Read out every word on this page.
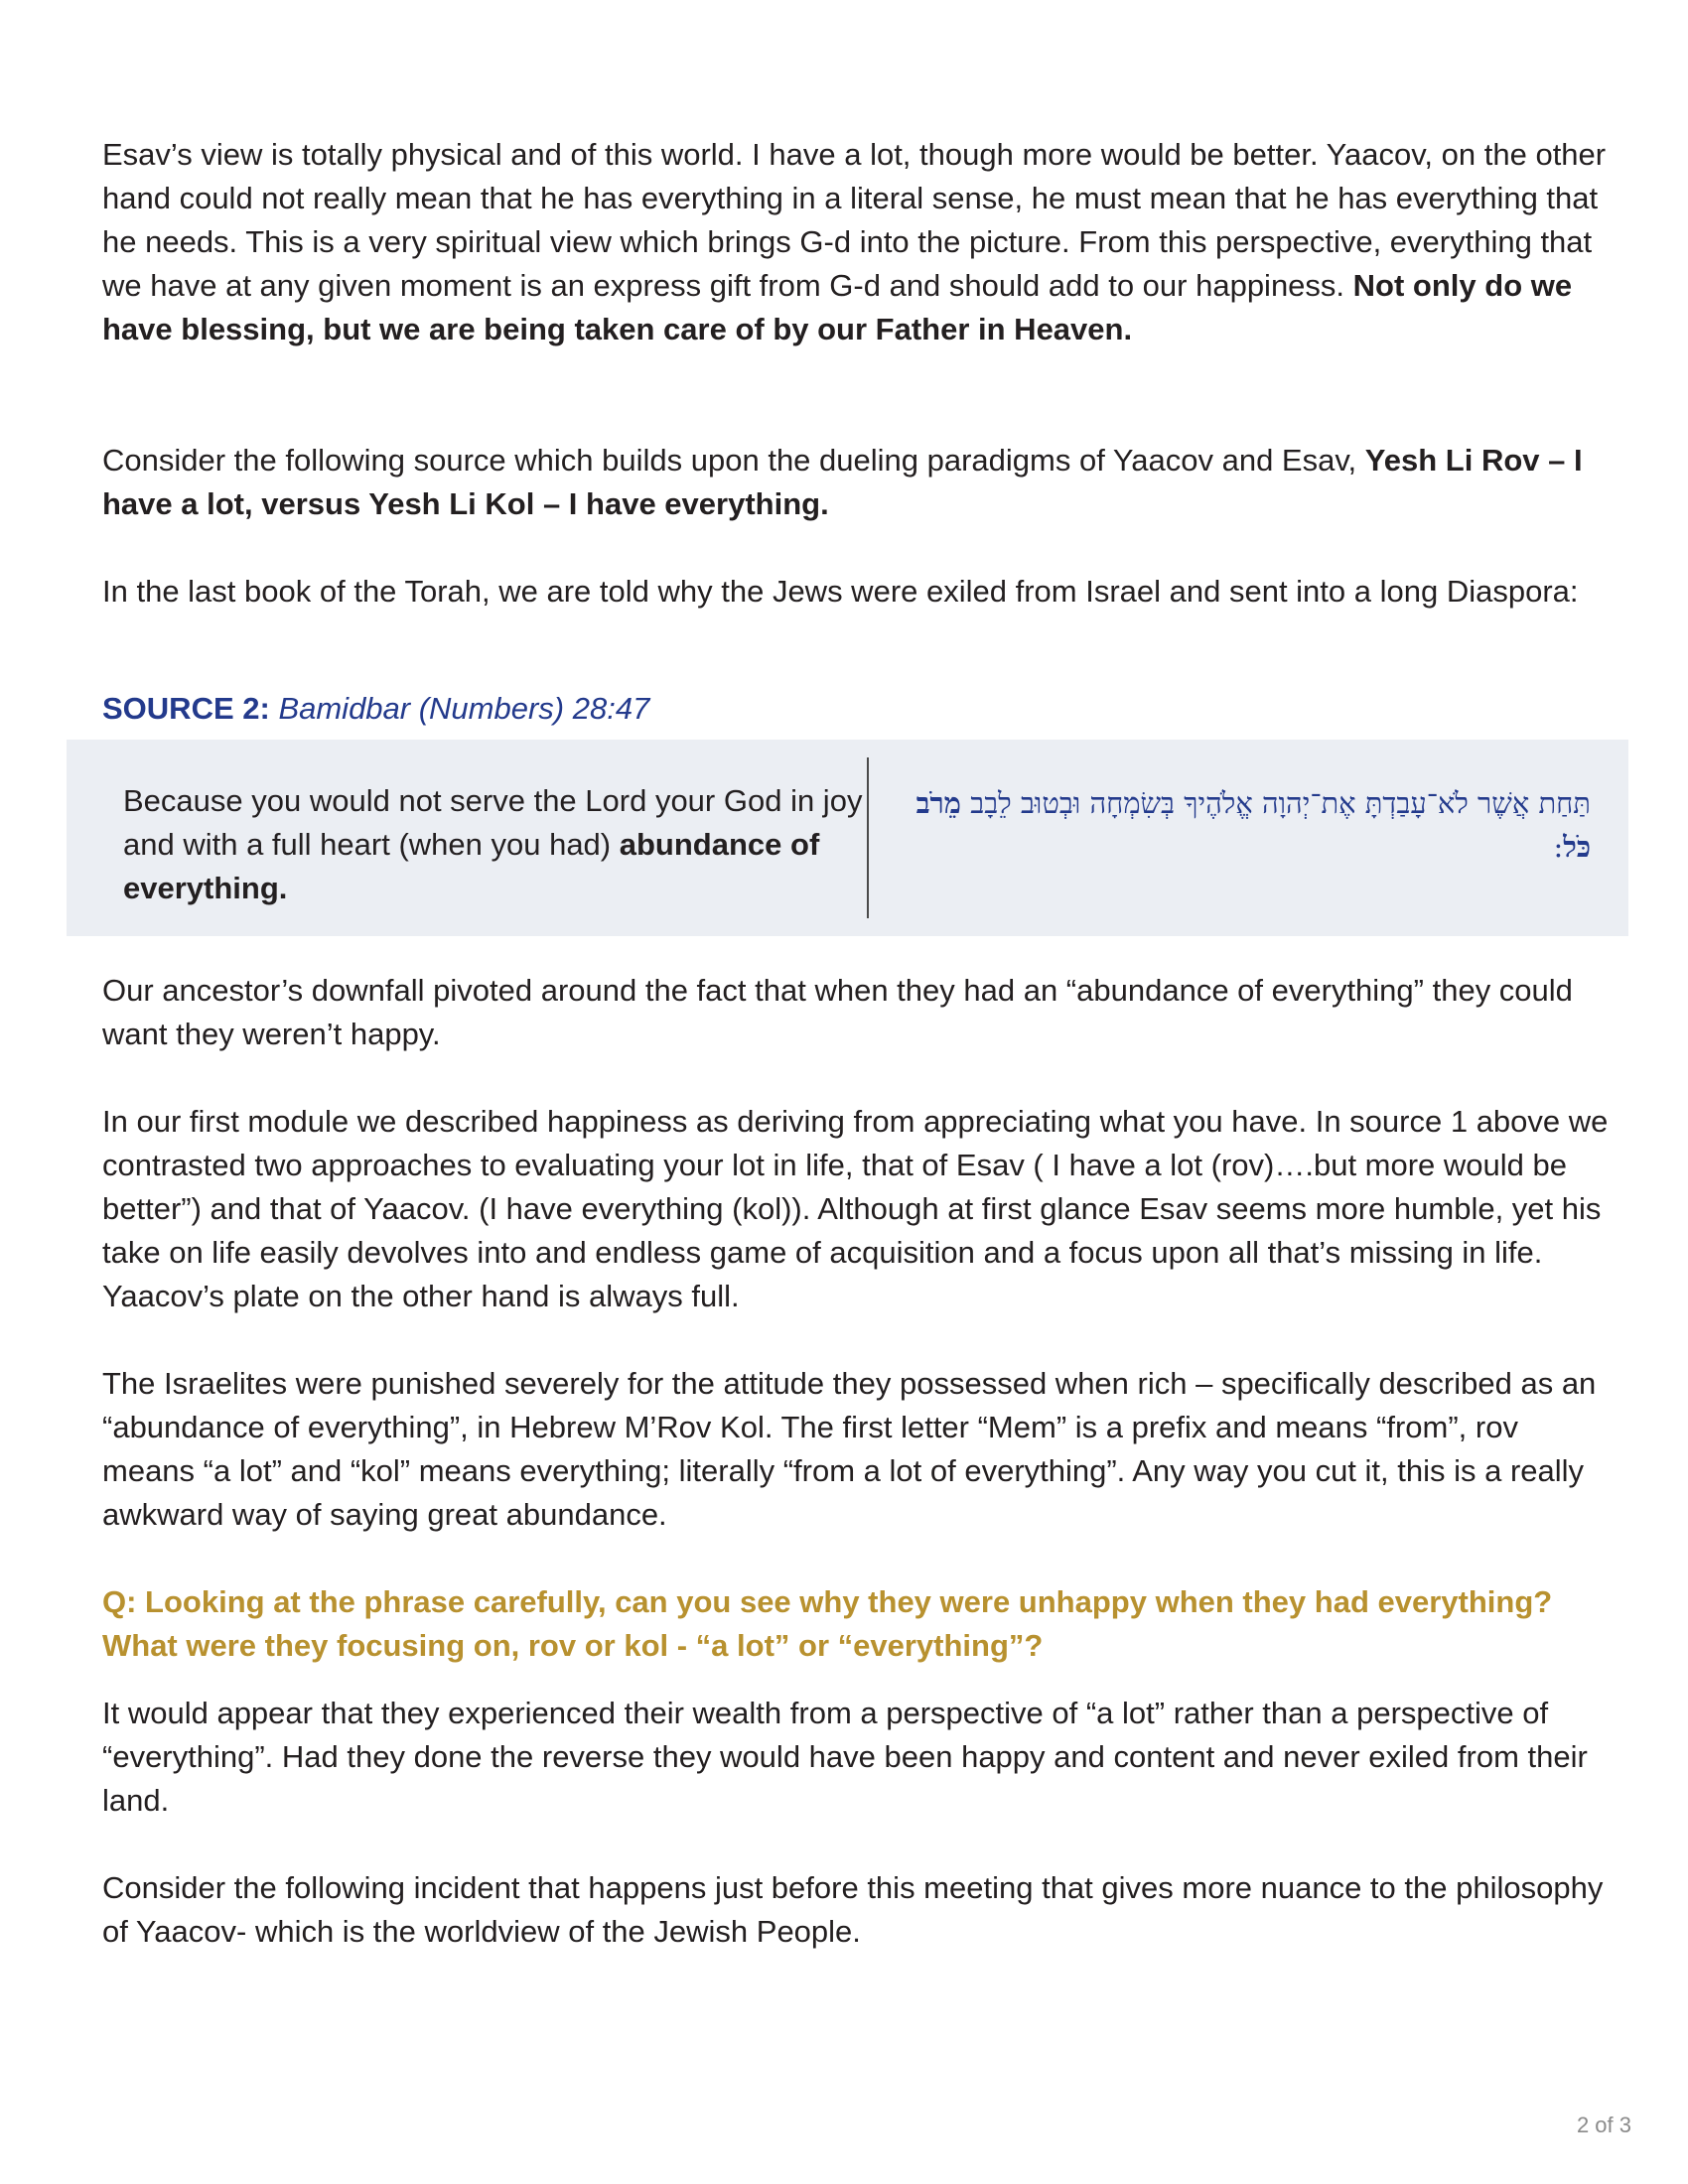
Esav’s view is totally physical and of this world. I have a lot, though more would be better. Yaacov, on the other hand could not really mean that he has everything in a literal sense, he must mean that he has everything that he needs. This is a very spiritual view which brings G-d into the picture. From this perspective, everything that we have at any given moment is an express gift from G-d and should add to our happiness. Not only do we have blessing, but we are being taken care of by our Father in Heaven.

Consider the following source which builds upon the dueling paradigms of Yaacov and Esav, Yesh Li Rov – I have a lot, versus Yesh Li Kol – I have everything.

In the last book of the Torah, we are told why the Jews were exiled from Israel and sent into a long Diaspora:

SOURCE 2: Bamidbar (Numbers) 28:47

Because you would not serve the Lord your God in joy and with a full heart (when you had) abundance of everything.

תַּחַת אֲשֶׁר לֹא־עָבַדְתָּ אֶת־יְהוָה אֱלֹהֶיךָ בְּשִׂמְחָה וּבְטוּב לֵבָב מֵרֹב כֹּל:

Our ancestor’s downfall pivoted around the fact that when they had an “abundance of everything” they could want they weren’t happy.

In our first module we described happiness as deriving from appreciating what you have. In source 1 above we contrasted two approaches to evaluating your lot in life, that of Esav ( I have a lot (rov)….but more would be better”) and that of Yaacov. (I have everything (kol)). Although at first glance Esav seems more humble, yet his take on life easily devolves into and endless game of acquisition and a focus upon all that’s missing in life. Yaacov’s plate on the other hand is always full.

The Israelites were punished severely for the attitude they possessed when rich – specifically described as an “abundance of everything”, in Hebrew M’Rov Kol. The first letter “Mem” is a prefix and means “from”, rov means “a lot” and “kol” means everything; literally “from a lot of everything”. Any way you cut it, this is a really awkward way of saying great abundance.

Q: Looking at the phrase carefully, can you see why they were unhappy when they had everything? What were they focusing on, rov or kol - “a lot” or “everything”?

It would appear that they experienced their wealth from a perspective of “a lot” rather than a perspective of “everything”. Had they done the reverse they would have been happy and content and never exiled from their land.

Consider the following incident that happens just before this meeting that gives more nuance to the philosophy of Yaacov- which is the worldview of the Jewish People.

2 of 3
